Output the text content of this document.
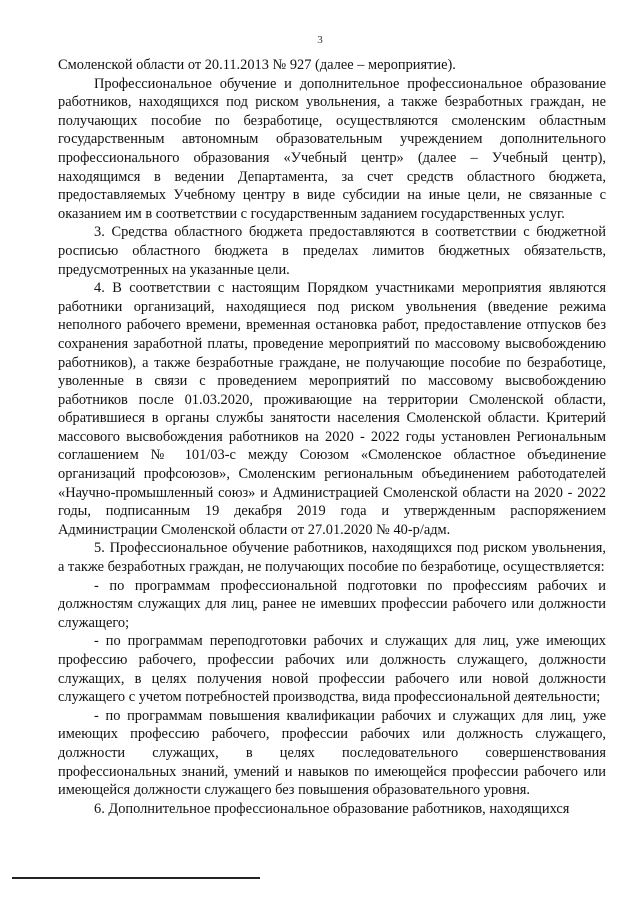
3

Смоленской области от 20.11.2013 № 927 (далее – мероприятие).

Профессиональное обучение и дополнительное профессиональное образование работников, находящихся под риском увольнения, а также безработных граждан, не получающих пособие по безработице, осуществляются смоленским областным государственным автономным образовательным учреждением дополнительного профессионального образования «Учебный центр» (далее – Учебный центр), находящимся в ведении Департамента, за счет средств областного бюджета, предоставляемых Учебному центру в виде субсидии на иные цели, не связанные с оказанием им в соответствии с государственным заданием государственных услуг.

3. Средства областного бюджета предоставляются в соответствии с бюджетной росписью областного бюджета в пределах лимитов бюджетных обязательств, предусмотренных на указанные цели.

4. В соответствии с настоящим Порядком участниками мероприятия являются работники организаций, находящиеся под риском увольнения (введение режима неполного рабочего времени, временная остановка работ, предоставление отпусков без сохранения заработной платы, проведение мероприятий по массовому высвобождению работников), а также безработные граждане, не получающие пособие по безработице, уволенные в связи с проведением мероприятий по массовому высвобождению работников после 01.03.2020, проживающие на территории Смоленской области, обратившиеся в органы службы занятости населения Смоленской области. Критерий массового высвобождения работников на 2020 - 2022 годы установлен Региональным соглашением № 101/03-с между Союзом «Смоленское областное объединение организаций профсоюзов», Смоленским региональным объединением работодателей «Научно-промышленный союз» и Администрацией Смоленской области на 2020 - 2022 годы, подписанным 19 декабря 2019 года и утвержденным распоряжением Администрации Смоленской области от 27.01.2020 № 40-р/адм.

5. Профессиональное обучение работников, находящихся под риском увольнения, а также безработных граждан, не получающих пособие по безработице, осуществляется:

- по программам профессиональной подготовки по профессиям рабочих и должностям служащих для лиц, ранее не имевших профессии рабочего или должности служащего;

- по программам переподготовки рабочих и служащих для лиц, уже имеющих профессию рабочего, профессии рабочих или должность служащего, должности служащих, в целях получения новой профессии рабочего или новой должности служащего с учетом потребностей производства, вида профессиональной деятельности;

- по программам повышения квалификации рабочих и служащих для лиц, уже имеющих профессию рабочего, профессии рабочих или должность служащего, должности служащих, в целях последовательного совершенствования профессиональных знаний, умений и навыков по имеющейся профессии рабочего или имеющейся должности служащего без повышения образовательного уровня.

6. Дополнительное профессиональное образование работников, находящихся
